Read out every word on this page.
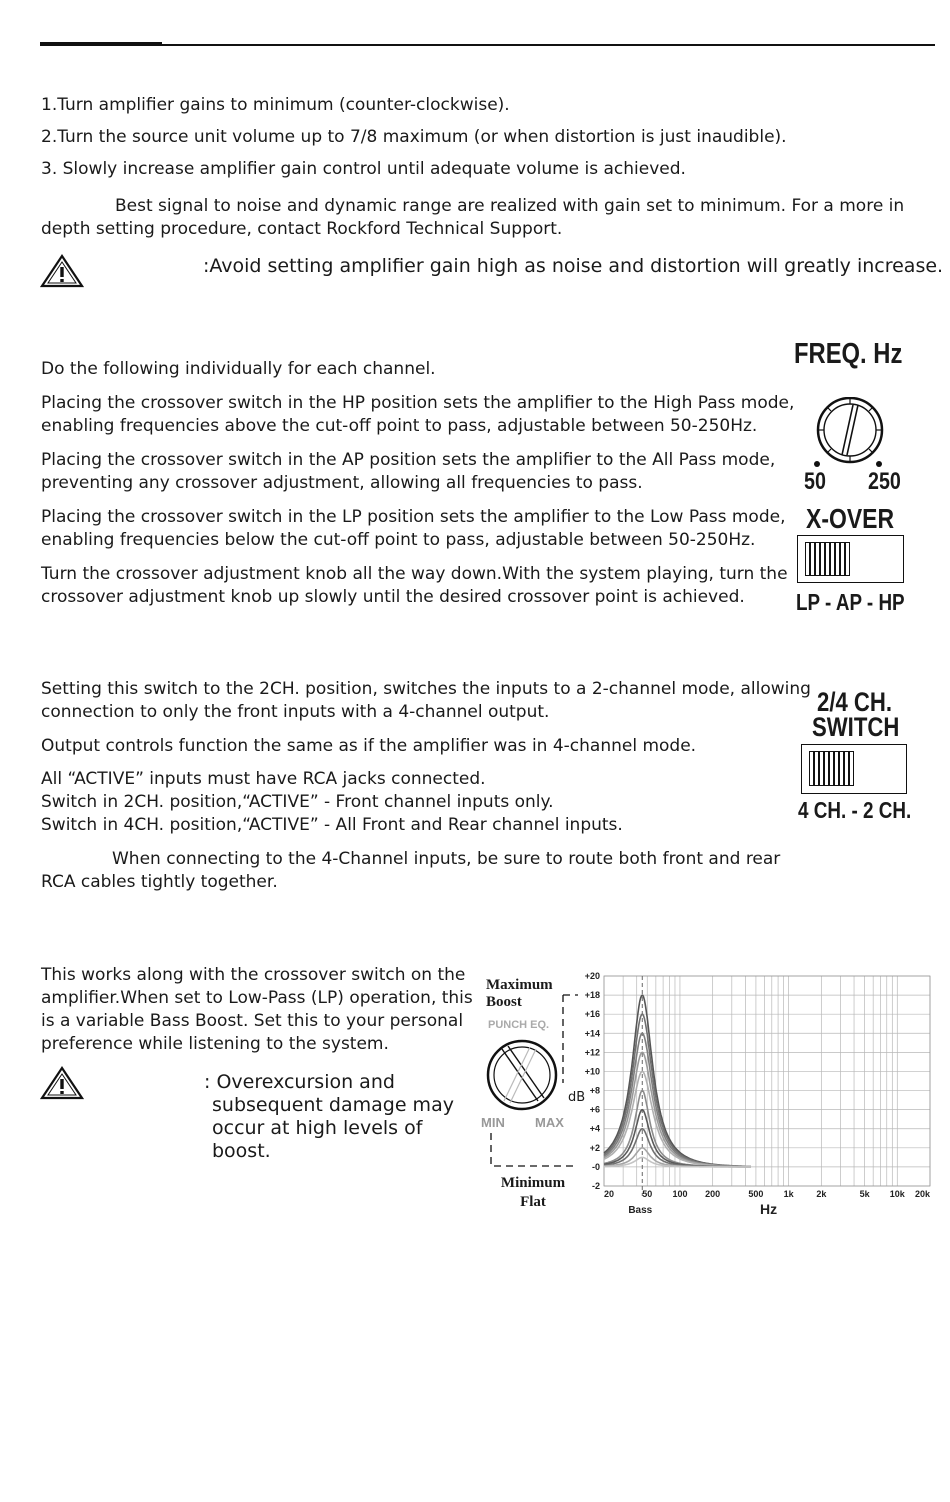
1.Turn amplifier gains to minimum (counter-clockwise).

2.Turn the source unit volume up to 7/8 maximum (or when distortion is just inaudible).

3. Slowly increase amplifier gain control until adequate volume is achieved.

Best signal to noise and dynamic range are realized with gain set to minimum. For a more in

depth setting procedure, contact Rockford Technical Support.

:Avoid setting amplifier gain high as noise and distortion will greatly increase.

Do the following individually for each channel.

Placing the crossover switch in the HP position sets the amplifier to the High Pass mode,
enabling frequencies above the cut-off point to pass, adjustable between 50-250Hz.

Placing the crossover switch in the AP position sets the amplifier to the All Pass mode,
preventing any crossover adjustment, allowing all frequencies to pass.

Placing the crossover switch in the LP position sets the amplifier to the Low Pass mode,
enabling frequencies below the cut-off point to pass, adjustable between 50-250Hz.

Turn the crossover adjustment knob all the way down.With the system playing, turn the
crossover adjustment knob up slowly until the desired crossover point is achieved.

FREQ. Hz
50 250
X-OVER
LP - AP - HP

Setting this switch to the 2CH. position, switches the inputs to a 2-channel mode, allowing
connection to only the front inputs with a 4-channel output.

Output controls function the same as if the amplifier was in 4-channel mode.

All “ACTIVE” inputs must have RCA jacks connected.
Switch in 2CH. position,“ACTIVE” - Front channel inputs only.
Switch in 4CH. position,“ACTIVE” - All Front and Rear channel inputs.

When connecting to the 4-Channel inputs, be sure to route both front and rear

RCA cables tightly together.

2/4 CH.
SWITCH
4 CH. - 2 CH.

This works along with the crossover switch on the
amplifier.When set to Low-Pass (LP) operation, this
is a variable Bass Boost. Set this to your personal
preference while listening to the system.

: Overexcursion and
subsequent damage may
occur at high levels of
boost.

Maximum
Boost
PUNCH EQ.
MIN MAX
dB
Minimum
Flat
+20
+18
+16
+14
+12
+10
+8
+6
+4
+2
-0
-2
20	50 100 200	500 1k	2k	5k 10k 20k
Bass	Hz
